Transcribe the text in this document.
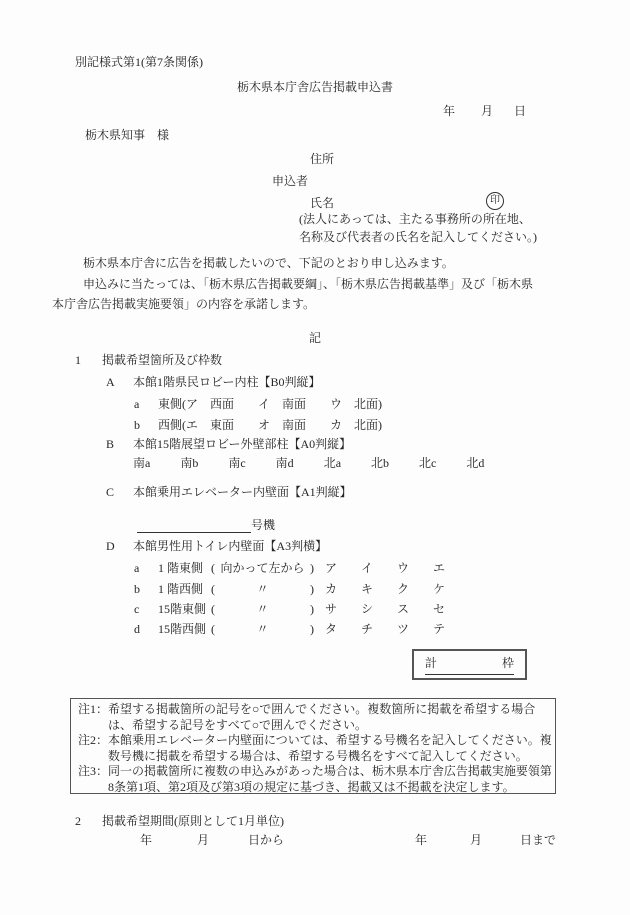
別記様式第1(第7条関係)
栃木県本庁舎広告掲載申込書
年 月 日
栃木県知事　様
住所
申込者
氏名	印
(法人にあっては、主たる事務所の所在地、
名称及び代表者の氏名を記入してください。)
栃木県本庁舎に広告を掲載したいので、下記のとおり申し込みます。
申込みに当たっては、「栃木県広告掲載要綱」、「栃木県広告掲載基準」及び「栃木県
本庁舎広告掲載実施要領」の内容を承諾します。
記
1	掲載希望箇所及び枠数
A	本館1階県民ロビー内柱【B0判縦】
a	東側(ア　西面　　イ　南面　　ウ　北面)
b	西側(エ　東面　　オ　南面　　カ　北面)
B	本館15階展望ロビー外壁部柱【A0判縦】
南a	南b	南c	南d	北a	北b	北c	北d
C	本館乗用エレベーター内壁面【A1判縦】

号機

D	本館男性用トイレ内壁面【A3判横】
a	1 階東側 ( 向かって左から ) ア イ ウ エ
b	1 階西側 (	〃	) カ キ ク ケ
c	15階東側 (	〃	) サ シ ス セ
d	15階西側 (	〃	) タ チ ツ テ
計	枠
注1：希望する掲載箇所の記号を○で囲んでください。複数箇所に掲載を希望する場合
は、希望する記号をすべて○で囲んでください。
注2：本館乗用エレベーター内壁面については、希望する号機名を記入してください。複
数号機に掲載を希望する場合は、希望する号機名をすべて記入してください。
注3：同一の掲載箇所に複数の申込みがあった場合は、栃木県本庁舎広告掲載実施要領第
8条第1項、第2項及び第3項の規定に基づき、掲載又は不掲載を決定します。
2	掲載希望期間(原則として1月単位)
年	月	日から	年	月	日まで
